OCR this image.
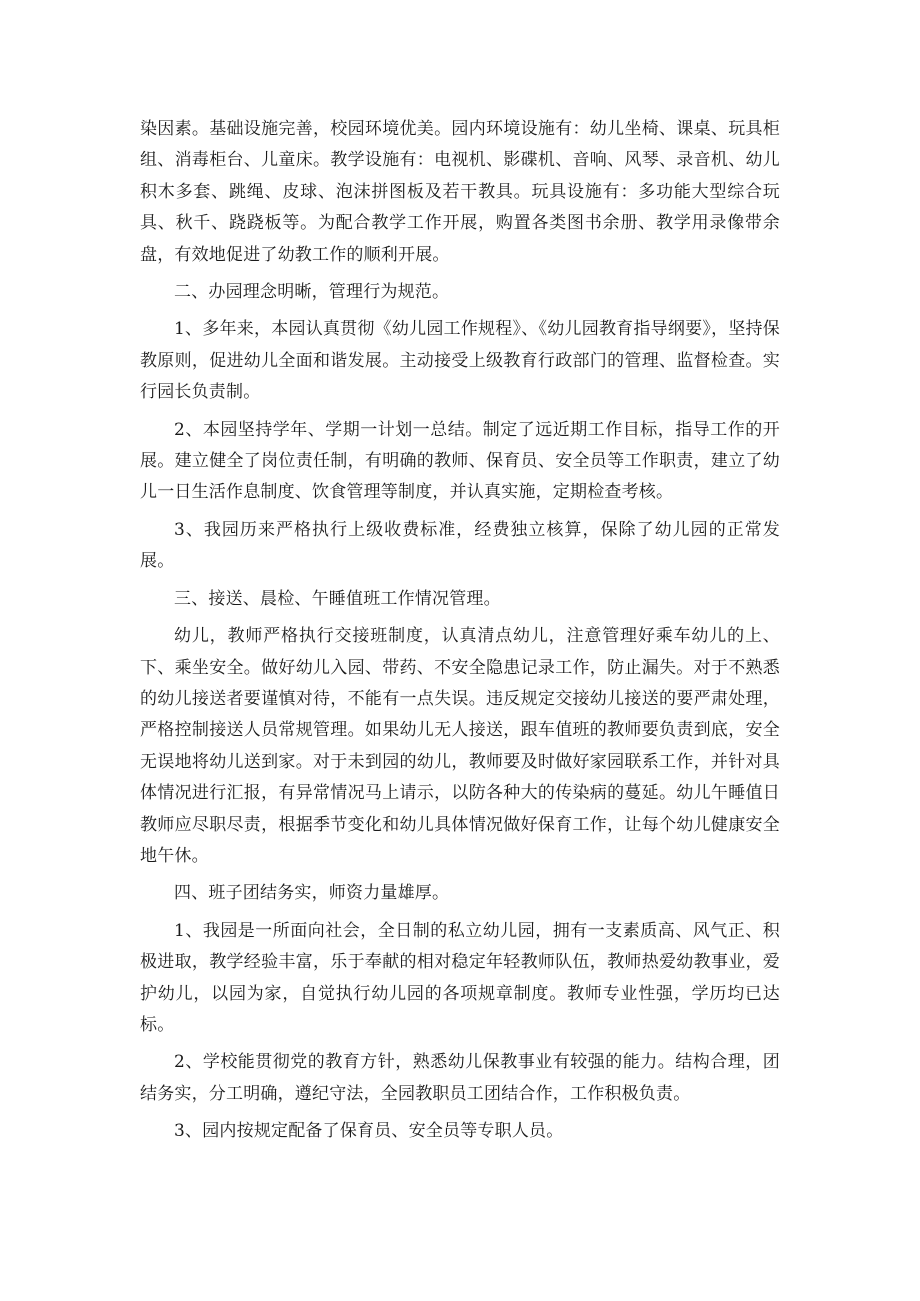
染因素。基础设施完善，校园环境优美。园内环境设施有：幼儿坐椅、课桌、玩具柜组、消毒柜台、儿童床。教学设施有：电视机、影碟机、音响、风琴、录音机、幼儿积木多套、跳绳、皮球、泡沫拼图板及若干教具。玩具设施有：多功能大型综合玩具、秋千、跷跷板等。为配合教学工作开展，购置各类图书余册、教学用录像带余盘，有效地促进了幼教工作的顺利开展。

二、办园理念明晰，管理行为规范。

1、多年来，本园认真贯彻《幼儿园工作规程》、《幼儿园教育指导纲要》，坚持保教原则，促进幼儿全面和谐发展。主动接受上级教育行政部门的管理、监督检查。实行园长负责制。

2、本园坚持学年、学期一计划一总结。制定了远近期工作目标，指导工作的开展。建立健全了岗位责任制，有明确的教师、保育员、安全员等工作职责，建立了幼儿一日生活作息制度、饮食管理等制度，并认真实施，定期检查考核。

3、我园历来严格执行上级收费标准，经费独立核算，保除了幼儿园的正常发展。

三、接送、晨检、午睡值班工作情况管理。

幼儿，教师严格执行交接班制度，认真清点幼儿，注意管理好乘车幼儿的上、下、乘坐安全。做好幼儿入园、带药、不安全隐患记录工作，防止漏失。对于不熟悉的幼儿接送者要谨慎对待，不能有一点失误。违反规定交接幼儿接送的要严肃处理，严格控制接送人员常规管理。如果幼儿无人接送，跟车值班的教师要负责到底，安全无误地将幼儿送到家。对于未到园的幼儿，教师要及时做好家园联系工作，并针对具体情况进行汇报，有异常情况马上请示，以防各种大的传染病的蔓延。幼儿午睡值日教师应尽职尽责，根据季节变化和幼儿具体情况做好保育工作，让每个幼儿健康安全地午休。

四、班子团结务实，师资力量雄厚。

1、我园是一所面向社会，全日制的私立幼儿园，拥有一支素质高、风气正、积极进取，教学经验丰富，乐于奉献的相对稳定年轻教师队伍，教师热爱幼教事业，爱护幼儿，以园为家，自觉执行幼儿园的各项规章制度。教师专业性强，学历均已达标。

2、学校能贯彻党的教育方针，熟悉幼儿保教事业有较强的能力。结构合理，团结务实，分工明确，遵纪守法，全园教职员工团结合作，工作积极负责。

3、园内按规定配备了保育员、安全员等专职人员。
